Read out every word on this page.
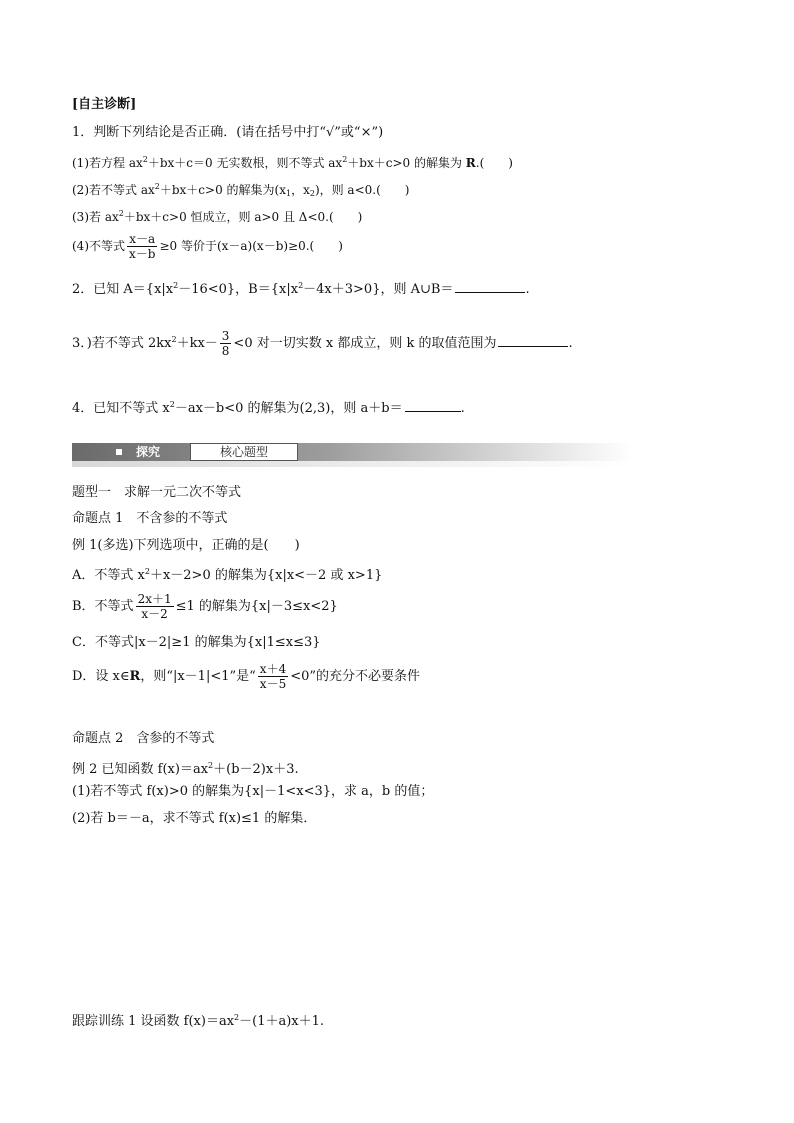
[自主诊断]
1．判断下列结论是否正确．(请在括号中打“√”或“×”)
(1)若方程 $ax^2+bx+c=0$ 无实数根，则不等式 $ax^2+bx+c>0$ 的解集为 R.(　　)
(2)若不等式 $ax^2+bx+c>0$ 的解集为($x_1$，$x_2$)，则 a<0.(　　)
(3)若 $ax^2+bx+c>0$ 恒成立，则 a>0 且 Δ<0.(　　)
(4)不等式 $\frac{x-a}{x-b} \ge 0$ 等价于(x－a)(x－b)≥0.(　　)
2．已知 $A=\{x|x^2-16<0\}$，$B=\{x|x^2-4x+3>0\}$，则 A∪B＝	.
3．)若不等式 $2kx^2+kx- \frac{3}{8} <0$ 对一切实数 x 都成立，则 k 的取值范围为	.
4．已知不等式 $x^2-ax-b<0$ 的解集为(2,3)，则 a＋b＝	.
探究	核心题型
题型一　求解一元二次不等式
命题点 1　不含参的不等式
例 1(多选)下列选项中，正确的是(　　)
A．不等式 $x^2+x-2>0$ 的解集为{x|x<－2 或 x>1}
B．不等式 $\frac{2x+1}{x-2} \le 1$ 的解集为{x|－3≤x<2}
C．不等式|x－2|≥1 的解集为{x|1≤x≤3}
D．设 x∈R，则“|x－1|<1”是“ $\frac{x+4}{x-5} <0$”的充分不必要条件
命题点 2　含参的不等式
例 2 已知函数 $f(x)=ax^2+(b-2)x+3$.
(1)若不等式 f(x)>0 的解集为{x|－1<x<3}，求 a，b 的值；
(2)若 b＝－a，求不等式 f(x)≤1 的解集．
跟踪训练 1 设函数 $f(x)=ax^2-(1+a)x+1$.
